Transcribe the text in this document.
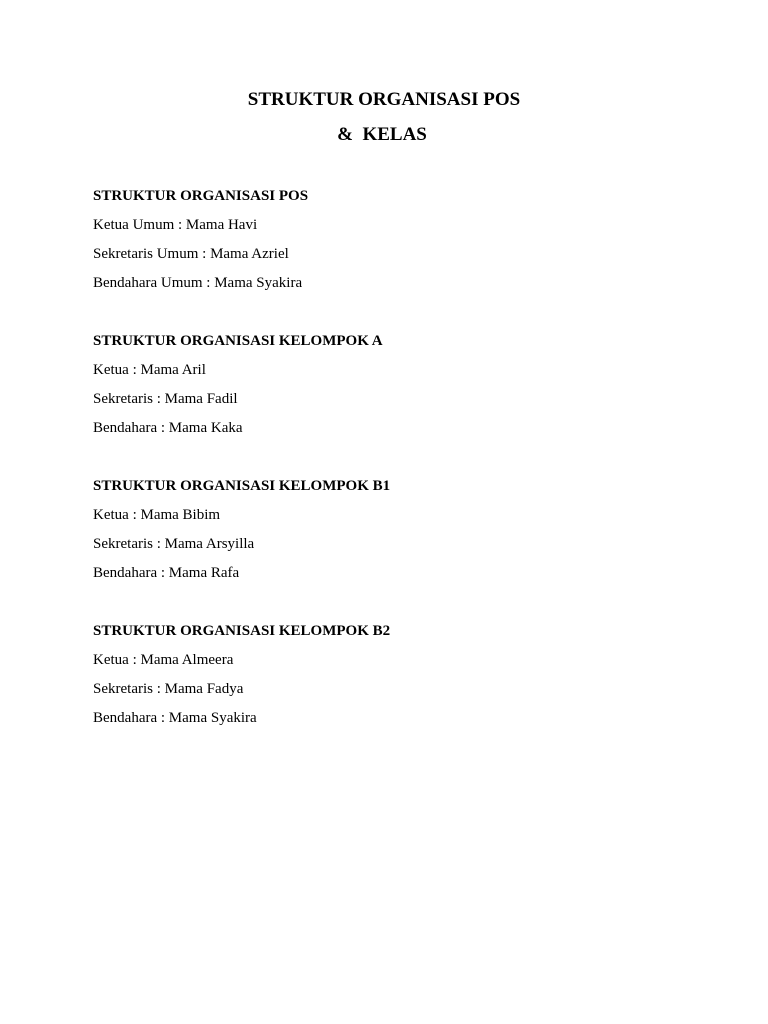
STRUKTUR ORGANISASI POS
&  KELAS
STRUKTUR ORGANISASI POS
Ketua Umum : Mama Havi
Sekretaris Umum : Mama Azriel
Bendahara Umum : Mama Syakira
STRUKTUR ORGANISASI KELOMPOK A
Ketua : Mama Aril
Sekretaris : Mama Fadil
Bendahara : Mama Kaka
STRUKTUR ORGANISASI KELOMPOK B1
Ketua : Mama Bibim
Sekretaris : Mama Arsyilla
Bendahara : Mama Rafa
STRUKTUR ORGANISASI KELOMPOK B2
Ketua : Mama Almeera
Sekretaris : Mama Fadya
Bendahara : Mama Syakira
